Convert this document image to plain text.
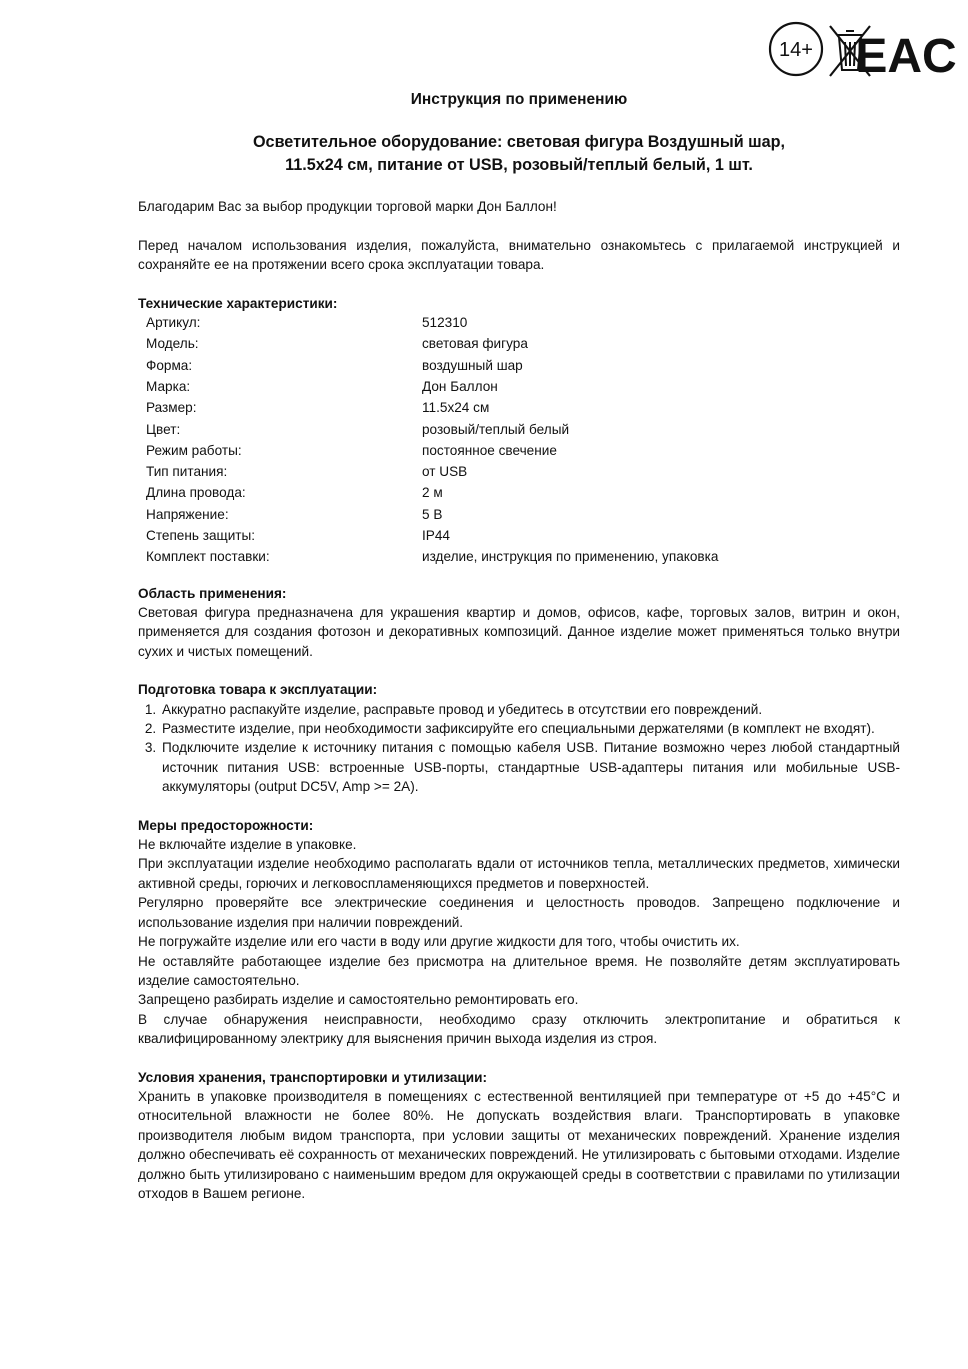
14+ EAC

Инструкция по применению

Осветительное оборудование: световая фигура Воздушный шар,
11.5х24 см, питание от USB, розовый/теплый белый, 1 шт.

Благодарим Вас за выбор продукции торговой марки Дон Баллон!

Перед началом использования изделия, пожалуйста, внимательно ознакомьтесь с прилагаемой инструкцией и сохраняйте ее на протяжении всего срока эксплуатации товара.

Технические характеристики:

Артикул:	512310
Модель:	световая фигура
Форма:	воздушный шар
Марка:	Дон Баллон
Размер:	11.5х24 см
Цвет:	розовый/теплый белый
Режим работы:	постоянное свечение
Тип питания:	от USB
Длина провода:	2 м
Напряжение:	5 В
Степень защиты:	IP44
Комплект поставки:	изделие, инструкция по применению, упаковка

Область применения:

Световая фигура предназначена для украшения квартир и домов, офисов, кафе, торговых залов, витрин и окон, применяется для создания фотозон и декоративных композиций. Данное изделие может применяться только внутри сухих и чистых помещений.

Подготовка товара к эксплуатации:

1. Аккуратно распакуйте изделие, расправьте провод и убедитесь в отсутствии его повреждений.
2. Разместите изделие, при необходимости зафиксируйте его специальными держателями (в комплект не входят).
3. Подключите изделие к источнику питания с помощью кабеля USB. Питание возможно через любой стандартный источник питания USB: встроенные USB-порты, стандартные USB-адаптеры питания или мобильные USB-аккумуляторы (output DC5V, Amp >= 2A).

Меры предосторожности:

Не включайте изделие в упаковке.

При эксплуатации изделие необходимо располагать вдали от источников тепла, металлических предметов, химически активной среды, горючих и легковоспламеняющихся предметов и поверхностей.

Регулярно проверяйте все электрические соединения и целостность проводов. Запрещено подключение и использование изделия при наличии повреждений.

Не погружайте изделие или его части в воду или другие жидкости для того, чтобы очистить их.

Не оставляйте работающее изделие без присмотра на длительное время. Не позволяйте детям эксплуатировать изделие самостоятельно.

Запрещено разбирать изделие и самостоятельно ремонтировать его.

В случае обнаружения неисправности, необходимо сразу отключить электропитание и обратиться к квалифицированному электрику для выяснения причин выхода изделия из строя.

Условия хранения, транспортировки и утилизации:

Хранить в упаковке производителя в помещениях с естественной вентиляцией при температуре от +5 до +45°С и относительной влажности не более 80%. Не допускать воздействия влаги. Транспортировать в упаковке производителя любым видом транспорта, при условии защиты от механических повреждений. Хранение изделия должно обеспечивать её сохранность от механических повреждений. Не утилизировать с бытовыми отходами. Изделие должно быть утилизировано с наименьшим вредом для окружающей среды в соответствии с правилами по утилизации отходов в Вашем регионе.
